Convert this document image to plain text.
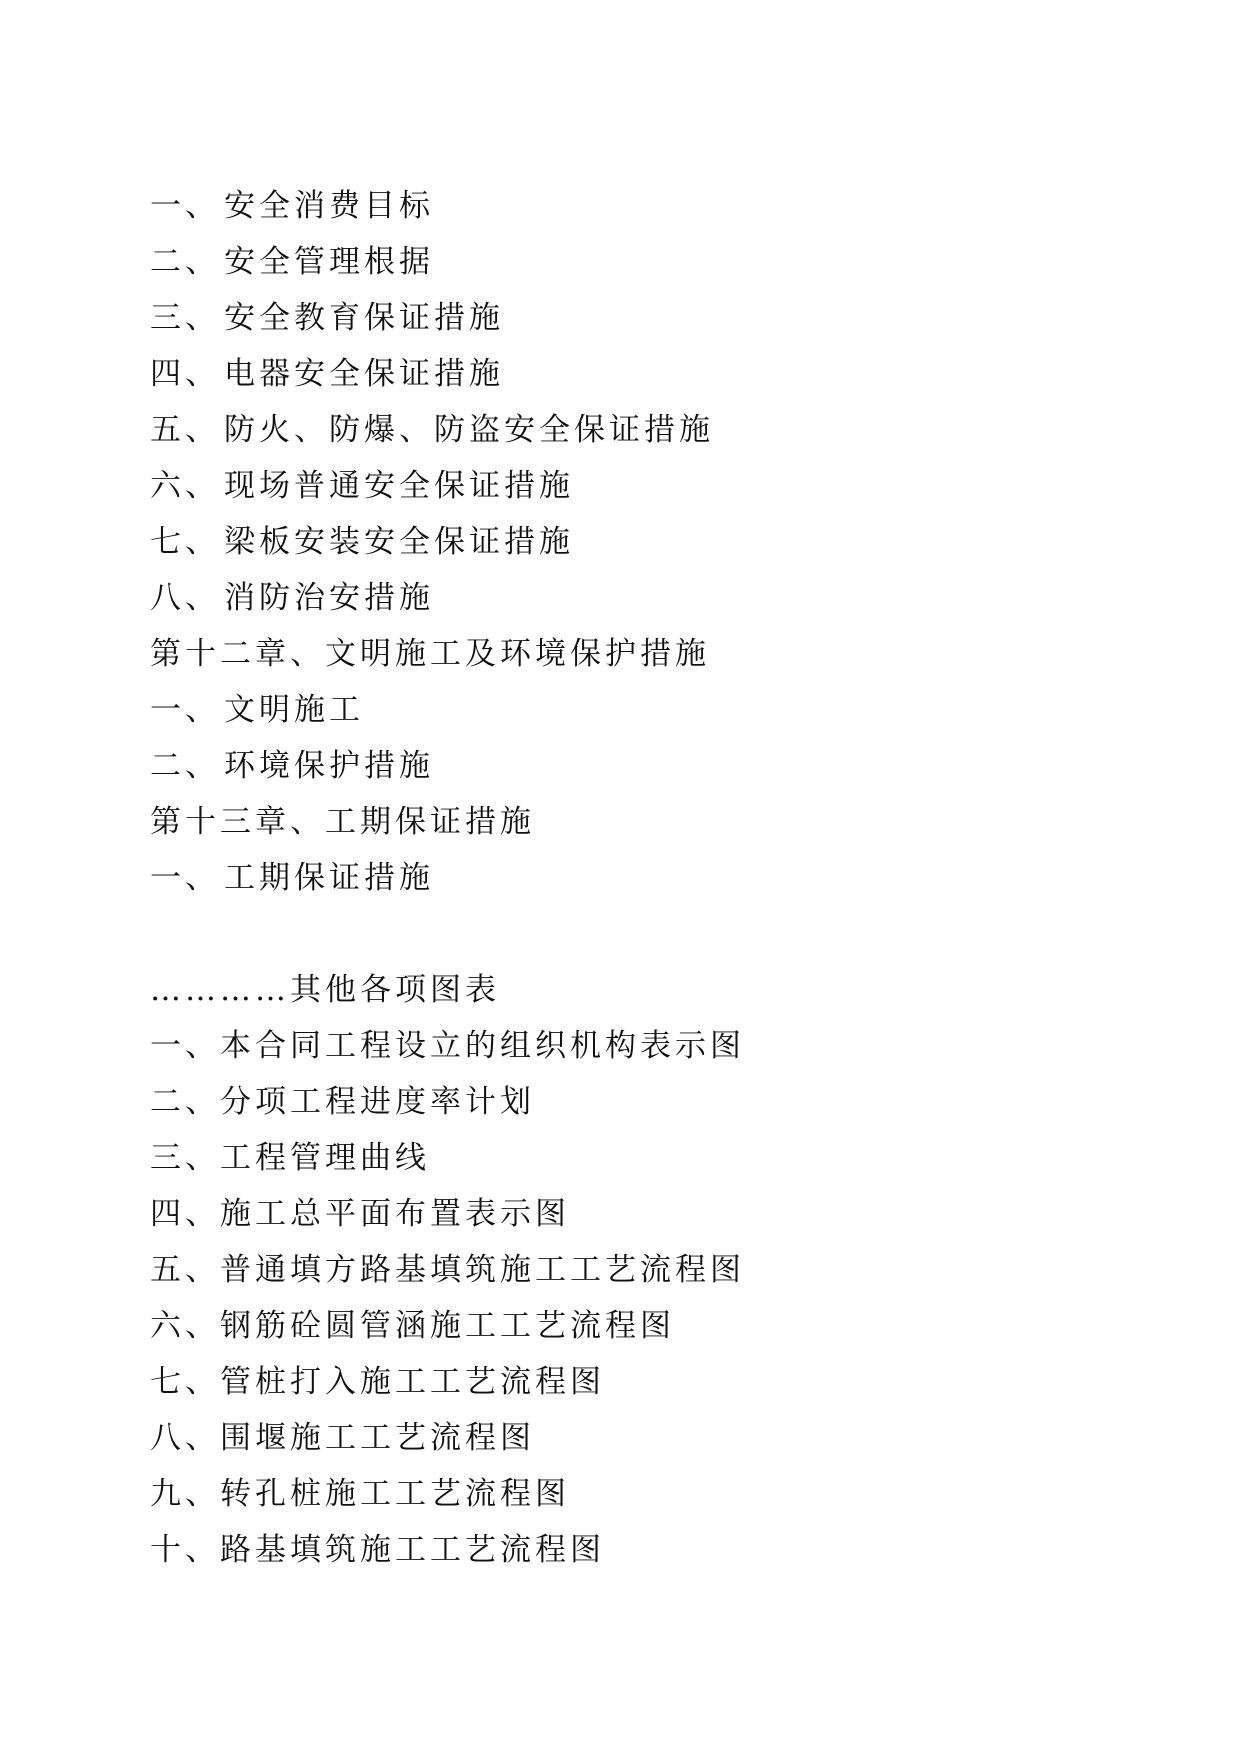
一、 安全消费目标
二、 安全管理根据
三、 安全教育保证措施
四、 电器安全保证措施
五、 防火、防爆、防盗安全保证措施
六、 现场普通安全保证措施
七、 梁板安装安全保证措施
八、 消防治安措施
第十二章、文明施工及环境保护措施
一、 文明施工
二、 环境保护措施
第十三章、工期保证措施
一、 工期保证措施
…………其他各项图表
一、本合同工程设立的组织机构表示图
二、分项工程进度率计划
三、工程管理曲线
四、施工总平面布置表示图
五、普通填方路基填筑施工工艺流程图
六、钢筋砼圆管涵施工工艺流程图
七、管桩打入施工工艺流程图
八、围堰施工工艺流程图
九、转孔桩施工工艺流程图
十、路基填筑施工工艺流程图
